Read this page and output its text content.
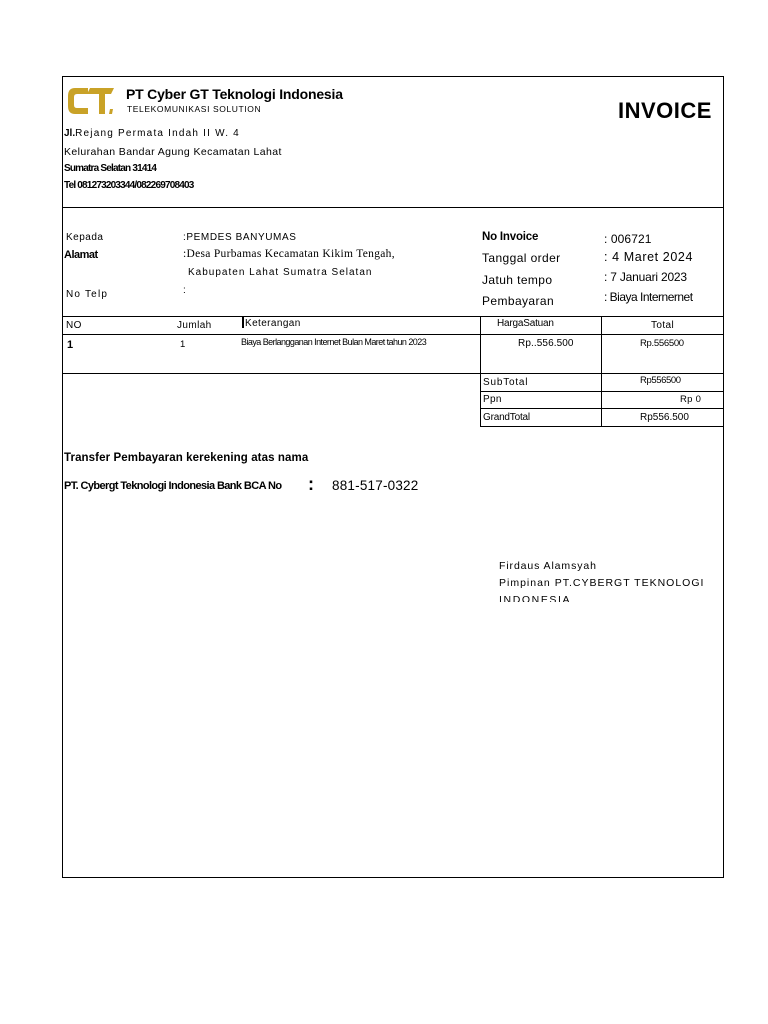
PT Cyber GT Teknologi Indonesia
TELEKOMUNIKASI SOLUTION	INVOICE
Jl.Rejang Permata Indah II W. 4
Kelurahan Bandar Agung Kecamatan Lahat
Sumatra Selatan 31414
Tel 081273203344/082269708403
Kepada	:PEMDES BANYUMAS
Alamat	:Desa Purbamas Kecamatan Kikim Tengah,
Kabupaten Lahat Sumatra Selatan
No Telp	:
No Invoice	: 006721
Tanggal order	: 4 Maret 2024
Jatuh tempo	: 7 Januari 2023
Pembayaran	: Biaya Internernet
NO	Jumlah	Keterangan	HargaSatuan	Total
1	1	Biaya Berlangganan Internet Bulan Maret tahun 2023	Rp..556.500	Rp.556500
SubTotal	Rp556500
Ppn	Rp 0
GrandTotal	Rp556.500
Transfer Pembayaran kerekening atas nama
PT. Cybergt Teknologi Indonesia Bank BCA No : 881-517-0322
Firdaus Alamsyah
Pimpinan PT.CYBERGT TEKNOLOGI
INDONESIA
